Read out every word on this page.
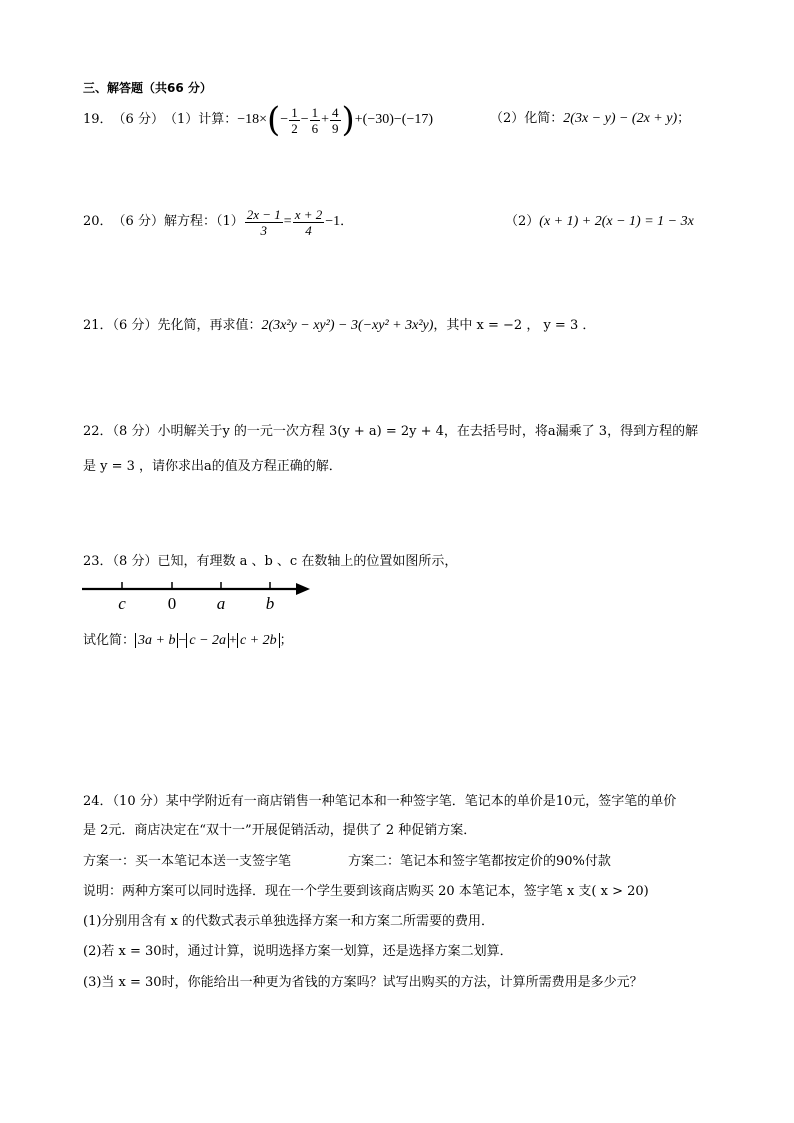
三、解答题（共66 分）
19． （6 分） （1）计算： −18× ( − $\frac{1}{2} - \frac{1}{6} + \frac{4}{9}$ ) +(−30)−(−17)	（2）化简：2(3x − y) − (2x + y)；
20． （6 分） 解方程：$(1) \frac{2x - 1}{3} = \frac{x + 2}{4} -1$ ．	（2）(x + 1) + 2(x − 1) = 1 − 3x
21．（6 分）先化简，再求值：2(3x²y − xy²) − 3(−xy² + 3x²y)，其中 x = −2 ， y = 3 ．
22．（8 分）小明解关于y 的一元一次方程 3(y + a) = 2y + 4，在去括号时，将a漏乘了 3，得到方程的解
是 y = 3 ，请你求出a的值及方程正确的解．
23．（8 分）已知，有理数 a 、b 、c 在数轴上的位置如图所示，
c 0 a b
试化简： 3a + b − c − 2a + c + 2b ；
24．（10 分）某中学附近有一商店销售一种笔记本和一种签字笔．笔记本的单价是10元，签字笔的单价
是 2元．商店决定在“双十一”开展促销活动，提供了 2 种促销方案．
方案一：买一本笔记本送一支签字笔	方案二：笔记本和签字笔都按定价的90%付款
说明：两种方案可以同时选择．现在一个学生要到该商店购买 20 本笔记本，签字笔 x 支( x > 20)
(1)分别用含有 x 的代数式表示单独选择方案一和方案二所需要的费用．
(2)若 x = 30时，通过计算，说明选择方案一划算，还是选择方案二划算．
(3)当 x = 30时，你能给出一种更为省钱的方案吗？试写出购买的方法，计算所需费用是多少元？
